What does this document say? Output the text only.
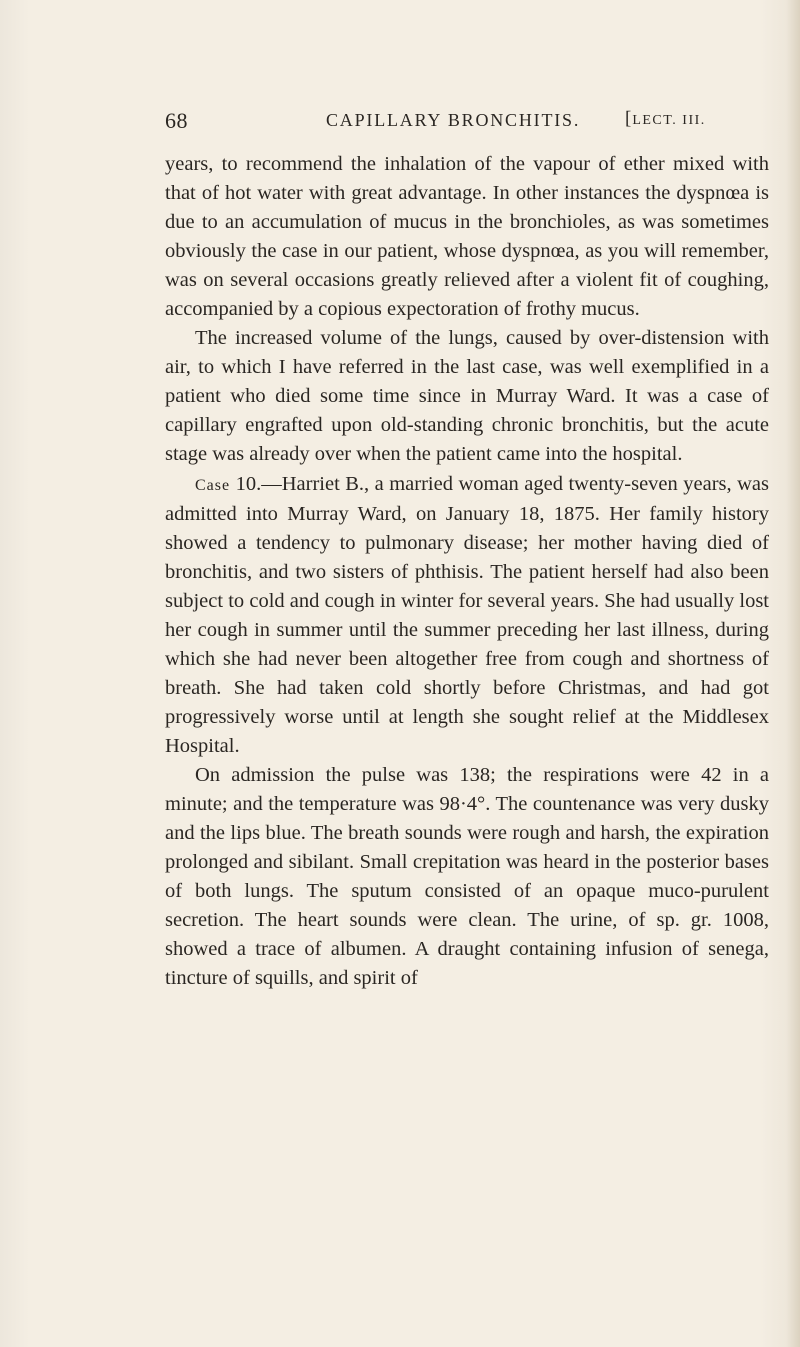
68	CAPILLARY BRONCHITIS. [LECT. III.

years, to recommend the inhalation of the vapour of ether mixed with that of hot water with great advantage. In other instances the dyspnœa is due to an accumulation of mucus in the bronchioles, as was sometimes obviously the case in our patient, whose dyspnœa, as you will remember, was on several occasions greatly relieved after a violent fit of coughing, accompanied by a copious expectoration of frothy mucus.

The increased volume of the lungs, caused by over-distension with air, to which I have referred in the last case, was well exemplified in a patient who died some time since in Murray Ward. It was a case of capillary engrafted upon old-standing chronic bronchitis, but the acute stage was already over when the patient came into the hospital.

Case 10.—Harriet B., a married woman aged twenty-seven years, was admitted into Murray Ward, on January 18, 1875. Her family history showed a tendency to pulmonary disease; her mother having died of bronchitis, and two sisters of phthisis. The patient herself had also been subject to cold and cough in winter for several years. She had usually lost her cough in summer until the summer preceding her last illness, during which she had never been altogether free from cough and shortness of breath. She had taken cold shortly before Christmas, and had got progressively worse until at length she sought relief at the Middlesex Hospital.

On admission the pulse was 138; the respirations were 42 in a minute; and the temperature was 98·4°. The countenance was very dusky and the lips blue. The breath sounds were rough and harsh, the expiration prolonged and sibilant. Small crepitation was heard in the posterior bases of both lungs. The sputum consisted of an opaque muco-purulent secretion. The heart sounds were clean. The urine, of sp. gr. 1008, showed a trace of albumen. A draught containing infusion of senega, tincture of squills, and spirit of
